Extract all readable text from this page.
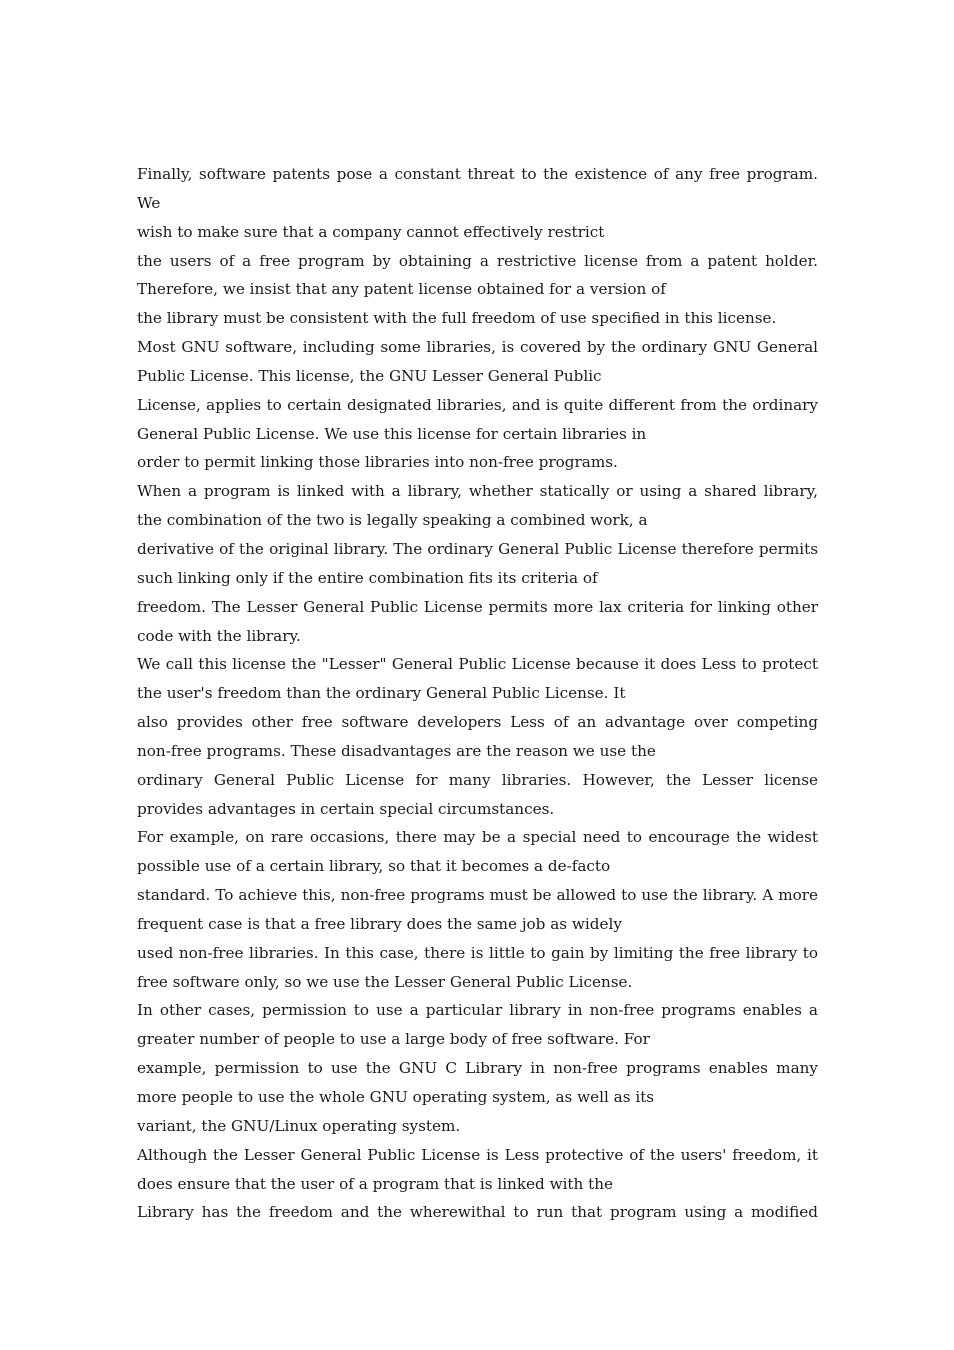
Finally, software patents pose a constant threat to the existence of any free program. We
wish to make sure that a company cannot effectively restrict
the users of a free program by obtaining a restrictive license from a patent holder.
Therefore, we insist that any patent license obtained for a version of
the library must be consistent with the full freedom of use specified in this license.
Most GNU software, including some libraries, is covered by the ordinary GNU General
Public License. This license, the GNU Lesser General Public
License, applies to certain designated libraries, and is quite different from the ordinary
General Public License. We use this license for certain libraries in
order to permit linking those libraries into non-free programs.
When a program is linked with a library, whether statically or using a shared library,
the combination of the two is legally speaking a combined work, a
derivative of the original library. The ordinary General Public License therefore permits
such linking only if the entire combination fits its criteria of
freedom. The Lesser General Public License permits more lax criteria for linking other
code with the library.
We call this license the "Lesser" General Public License because it does Less to protect
the user's freedom than the ordinary General Public License. It
also provides other free software developers Less of an advantage over competing
non-free programs. These disadvantages are the reason we use the
ordinary General Public License for many libraries. However, the Lesser license
provides advantages in certain special circumstances.
For example, on rare occasions, there may be a special need to encourage the widest
possible use of a certain library, so that it becomes a de-facto
standard. To achieve this, non-free programs must be allowed to use the library. A more
frequent case is that a free library does the same job as widely
used non-free libraries. In this case, there is little to gain by limiting the free library to
free software only, so we use the Lesser General Public License.
In other cases, permission to use a particular library in non-free programs enables a
greater number of people to use a large body of free software. For
example, permission to use the GNU C Library in non-free programs enables many
more people to use the whole GNU operating system, as well as its
variant, the GNU/Linux operating system.
Although the Lesser General Public License is Less protective of the users' freedom, it
does ensure that the user of a program that is linked with the
Library has the freedom and the wherewithal to run that program using a modified
